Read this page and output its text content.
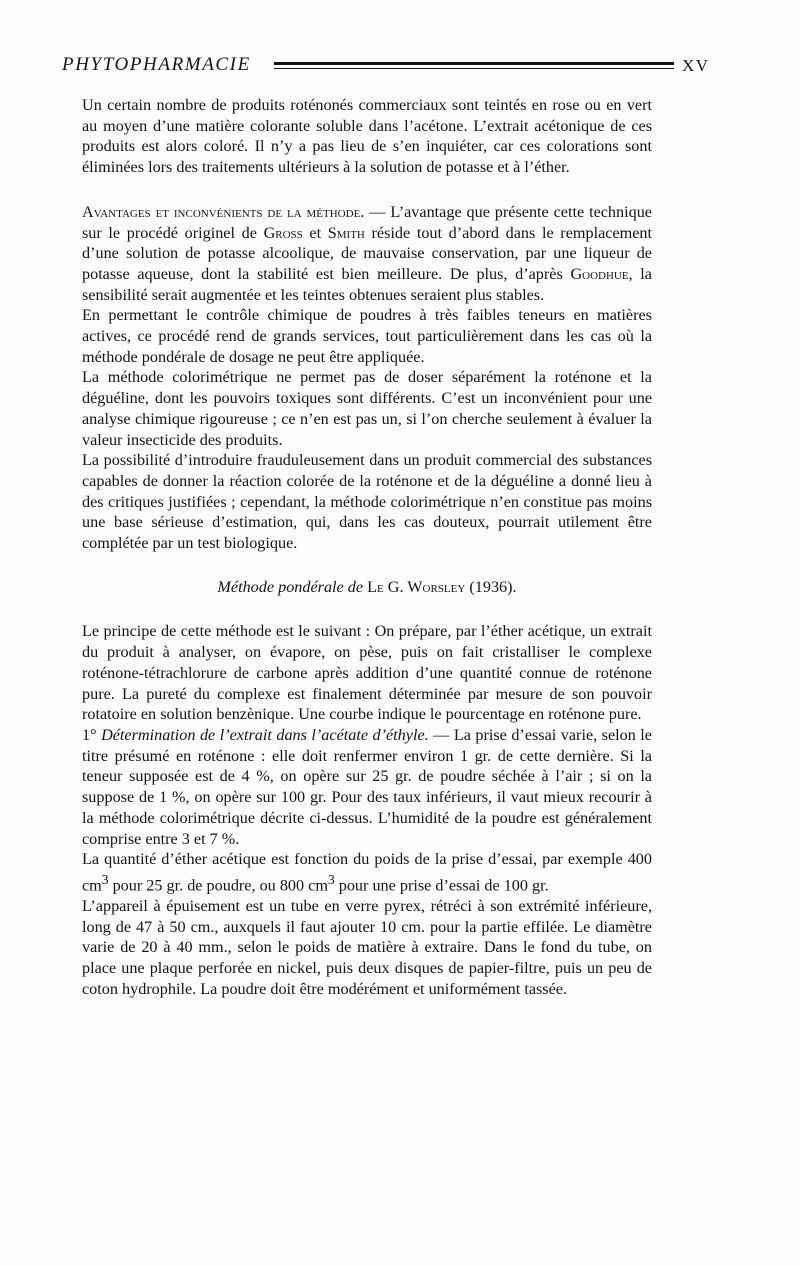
PHYTOPHARMACIE	XV

Un certain nombre de produits roténonés commerciaux sont teintés en rose ou en vert au moyen d’une matière colorante soluble dans l’acétone. L’extrait acétonique de ces produits est alors coloré. Il n’y a pas lieu de s’en inquiéter, car ces colorations sont éliminées lors des traitements ultérieurs à la solution de potasse et à l’éther.

Avantages et inconvénients de la méthode. — L’avantage que présente cette technique sur le procédé originel de Gross et Smith réside tout d’abord dans le remplacement d’une solution de potasse alcoolique, de mauvaise conservation, par une liqueur de potasse aqueuse, dont la stabilité est bien meilleure. De plus, d’après Goodhue, la sensibilité serait augmentée et les teintes obtenues seraient plus stables.

En permettant le contrôle chimique de poudres à très faibles teneurs en matières actives, ce procédé rend de grands services, tout particulièrement dans les cas où la méthode pondérale de dosage ne peut être appliquée.

La méthode colorimétrique ne permet pas de doser séparément la roténone et la déguéline, dont les pouvoirs toxiques sont différents. C’est un inconvénient pour une analyse chimique rigoureuse ; ce n’en est pas un, si l’on cherche seulement à évaluer la valeur insecticide des produits.

La possibilité d’introduire frauduleusement dans un produit commercial des substances capables de donner la réaction colorée de la roténone et de la déguéline a donné lieu à des critiques justifiées ; cependant, la méthode colorimétrique n’en constitue pas moins une base sérieuse d’estimation, qui, dans les cas douteux, pourrait utilement être complétée par un test biologique.

Méthode pondérale de Le G. Worsley (1936).

Le principe de cette méthode est le suivant : On prépare, par l’éther acétique, un extrait du produit à analyser, on évapore, on pèse, puis on fait cristalliser le complexe roténone-tétrachlorure de carbone après addition d’une quantité connue de roténone pure. La pureté du complexe est finalement déterminée par mesure de son pouvoir rotatoire en solution benzènique. Une courbe indique le pourcentage en roténone pure.

1° Détermination de l’extrait dans l’acétate d’éthyle. — La prise d’essai varie, selon le titre présumé en roténone : elle doit renfermer environ 1 gr. de cette dernière. Si la teneur supposée est de 4 %, on opère sur 25 gr. de poudre séchée à l’air ; si on la suppose de 1 %, on opère sur 100 gr. Pour des taux inférieurs, il vaut mieux recourir à la méthode colorimétrique décrite ci-dessus. L’humidité de la poudre est généralement comprise entre 3 et 7 %.

La quantité d’éther acétique est fonction du poids de la prise d’essai, par exemple 400 $cm^3$ pour 25 gr. de poudre, ou 800 $cm^3$ pour une prise d’essai de 100 gr.

L’appareil à épuisement est un tube en verre pyrex, rétréci à son extrémité inférieure, long de 47 à 50 cm., auxquels il faut ajouter 10 cm. pour la partie effilée. Le diamètre varie de 20 à 40 mm., selon le poids de matière à extraire. Dans le fond du tube, on place une plaque perforée en nickel, puis deux disques de papier-filtre, puis un peu de coton hydrophile. La poudre doit être modérément et uniformément tassée.
